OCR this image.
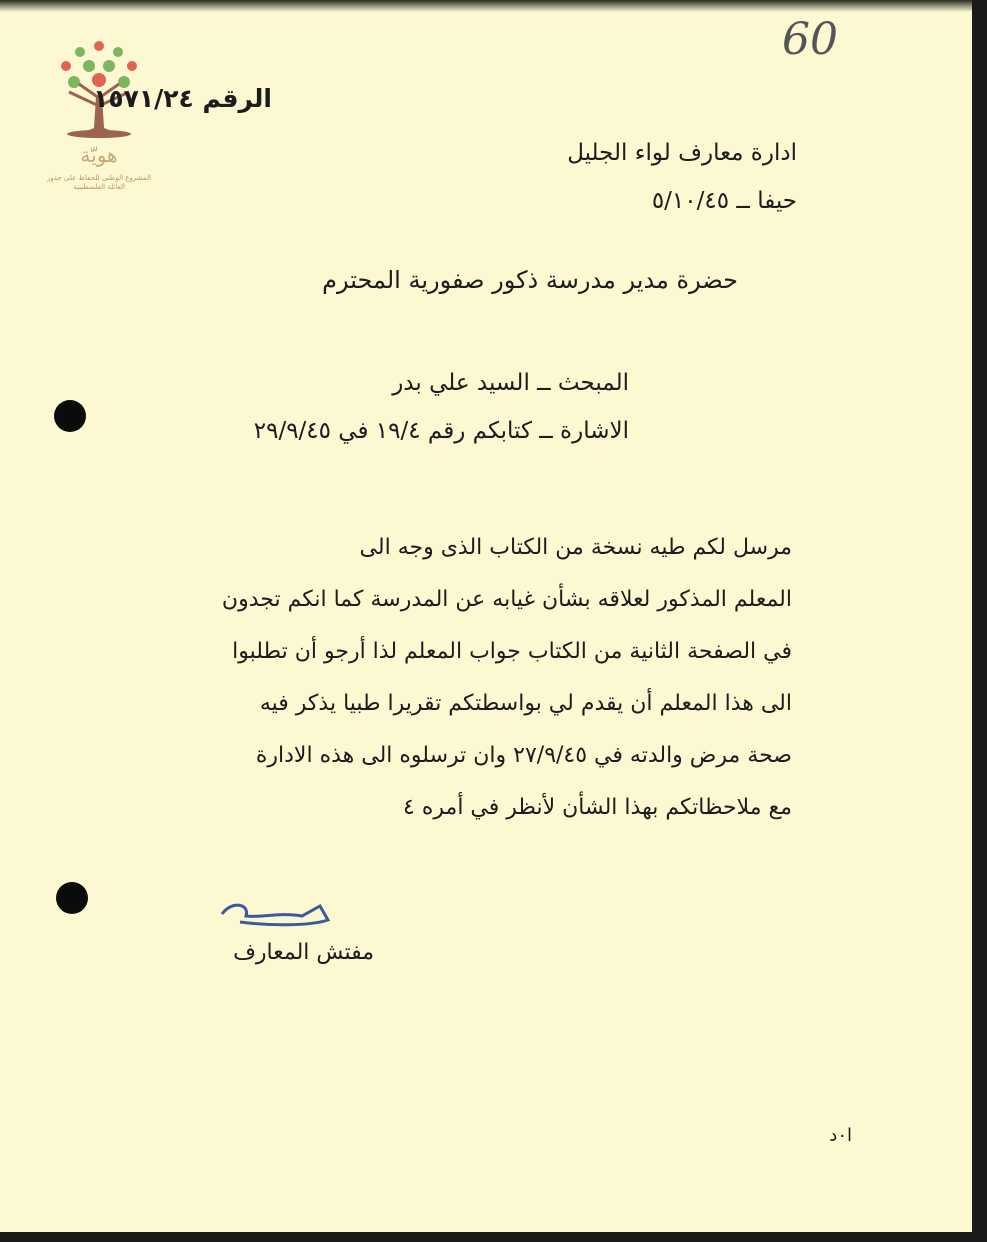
هويّة
المشروع الوطني للحفاظ على جذور العائلة الفلسطينية
60
الرقم ١٥٧١/٢٤
ادارة معارف لواء الجليل
حيفا ــ ٥/١٠/٤٥
حضرة مدير مدرسة ذكور صفورية المحترم
المبحث ــ السيد علي بدر
الاشارة ــ كتابكم رقم ١٩/٤ في ٢٩/٩/٤٥
مرسل لكم طيه نسخة من الكتاب الذى وجه الى
المعلم المذكور لعلاقه بشأن غيابه عن المدرسة كما انكم تجدون
في الصفحة الثانية من الكتاب جواب المعلم لذا أرجو أن تطلبوا
الى هذا المعلم أن يقدم لي بواسطتكم تقريرا طبيا يذكر فيه
صحة مرض والدته في ٢٧/٩/٤٥ وان ترسلوه الى هذه الادارة
مع ملاحظاتكم بهذا الشأن لأنظر في أمره ٤
مفتش المعارف
ا٠د
